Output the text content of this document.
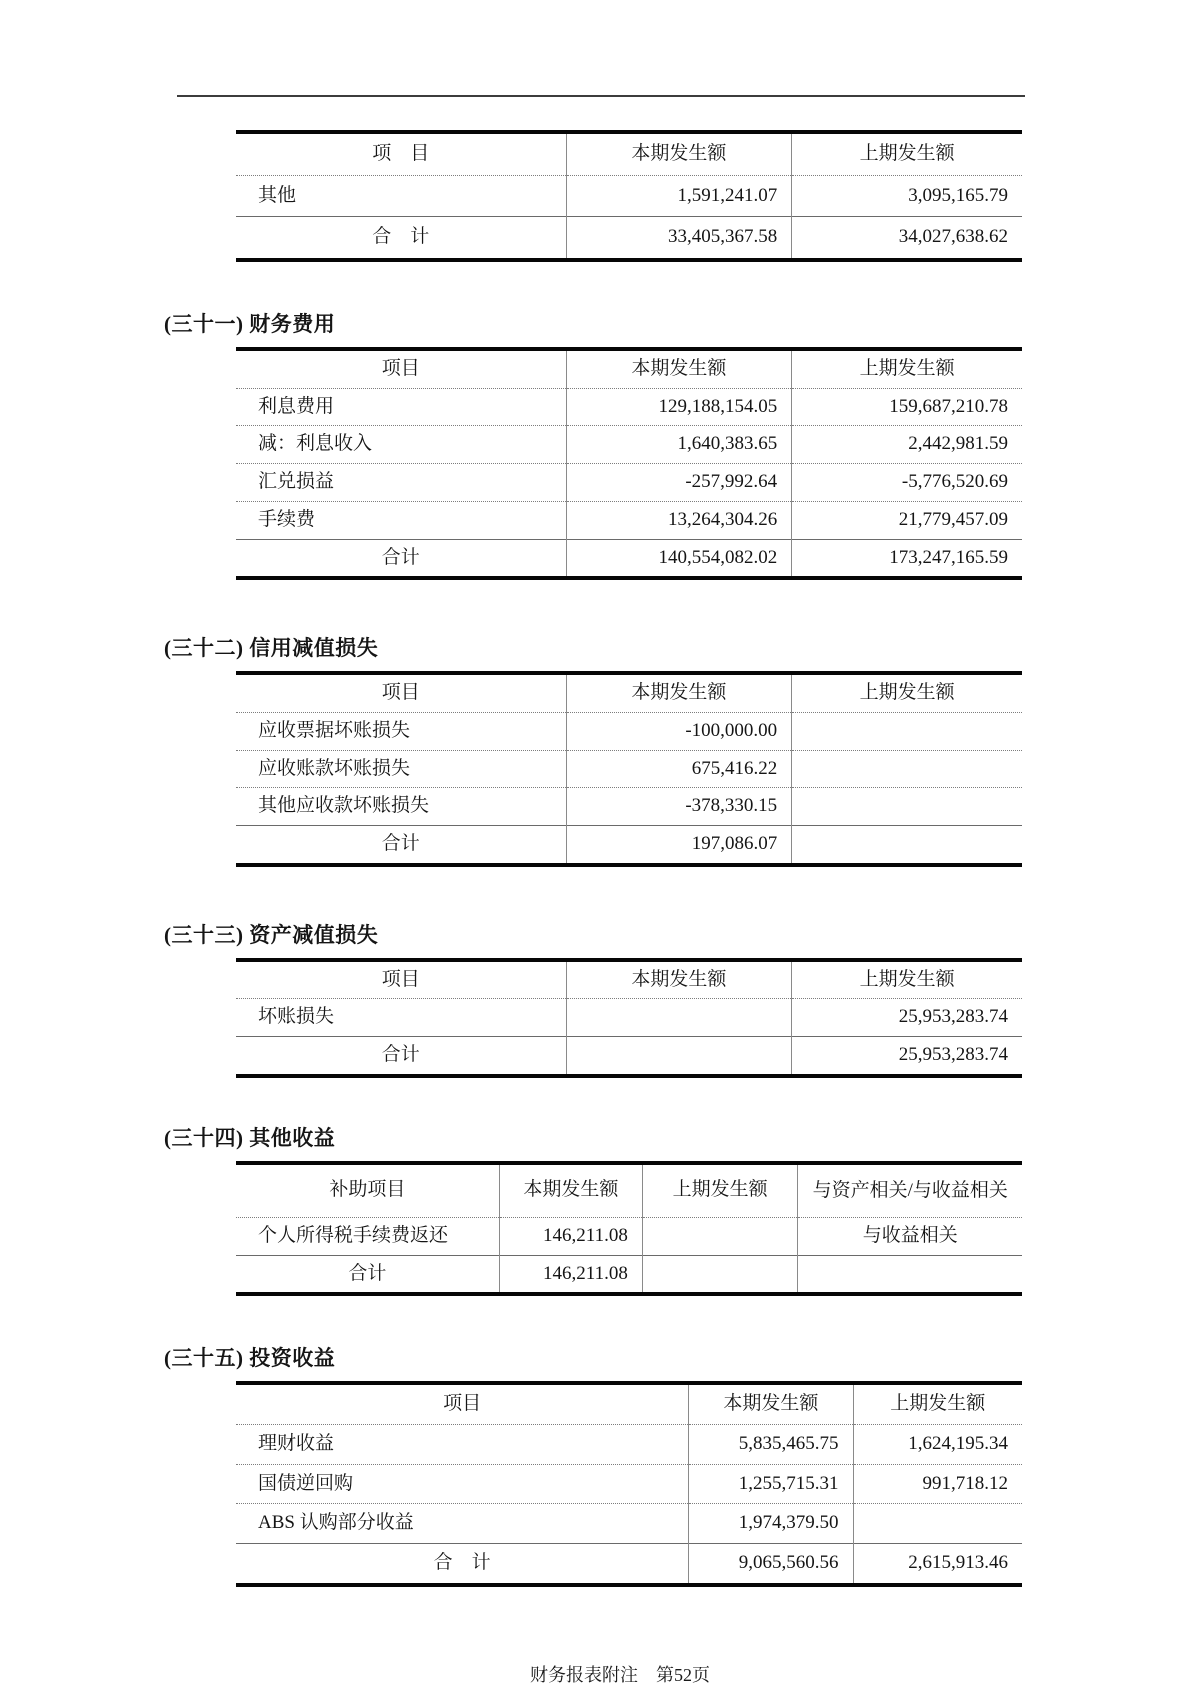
项　目	本期发生额	上期发生额
其他	1,591,241.07	3,095,165.79
合　计	33,405,367.58	34,027,638.62
(三十一) 财务费用
项目	本期发生额	上期发生额
利息费用	129,188,154.05	159,687,210.78
减：利息收入	1,640,383.65	2,442,981.59
汇兑损益	-257,992.64	-5,776,520.69
手续费	13,264,304.26	21,779,457.09
合计	140,554,082.02	173,247,165.59
(三十二) 信用减值损失
项目	本期发生额	上期发生额
应收票据坏账损失	-100,000.00	
应收账款坏账损失	675,416.22	
其他应收款坏账损失	-378,330.15	
合计	197,086.07	
(三十三) 资产减值损失
项目	本期发生额	上期发生额
坏账损失		25,953,283.74
合计		25,953,283.74
(三十四) 其他收益
补助项目	本期发生额	上期发生额	与资产相关/与收益相关
个人所得税手续费返还	146,211.08		与收益相关
合计	146,211.08		
(三十五) 投资收益
项目	本期发生额	上期发生额
理财收益	5,835,465.75	1,624,195.34
国债逆回购	1,255,715.31	991,718.12
ABS 认购部分收益	1,974,379.50	
合　计	9,065,560.56	2,615,913.46
财务报表附注　第52页
